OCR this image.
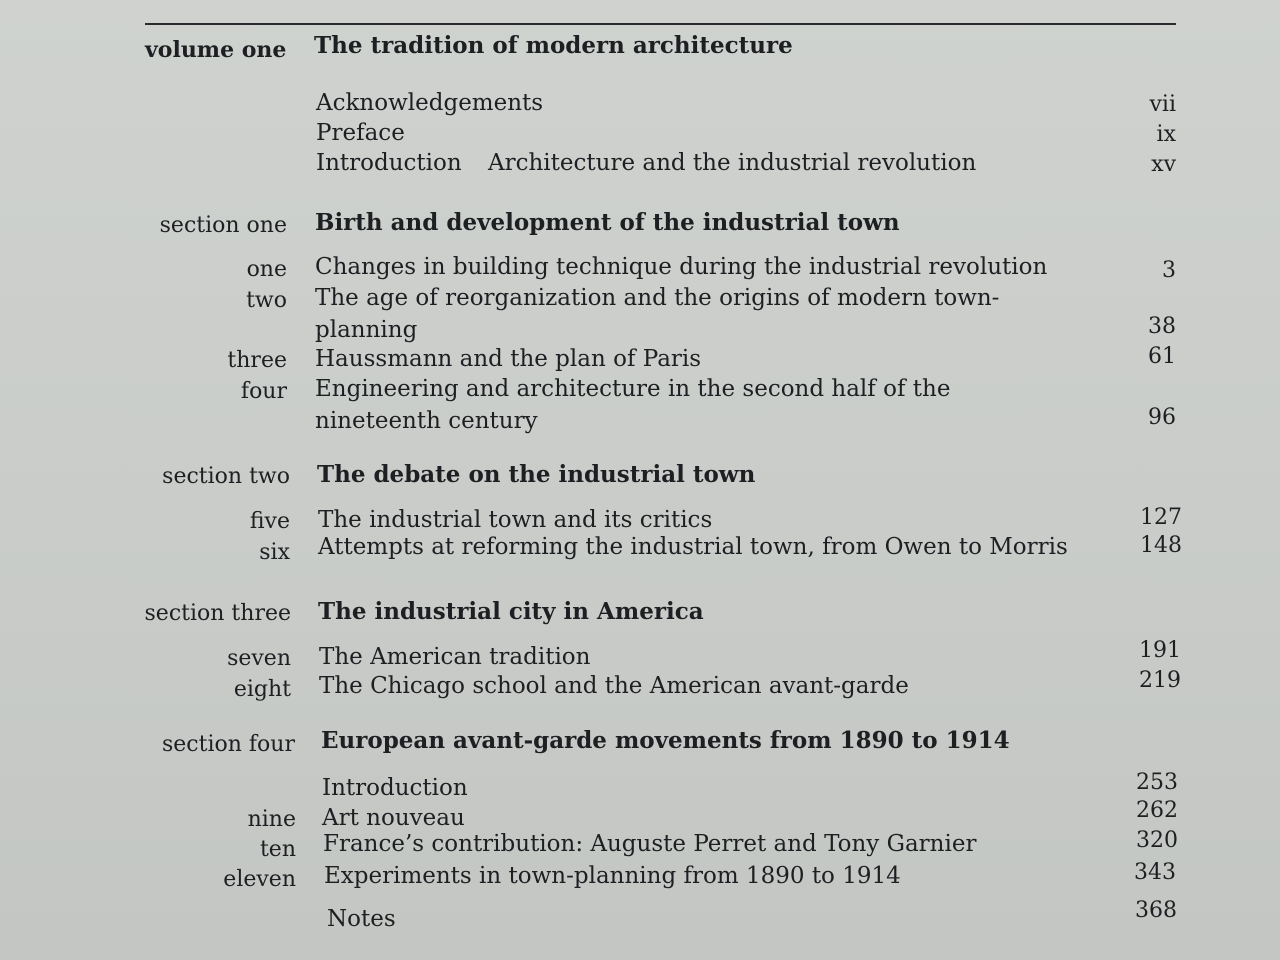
volume one The tradition of modern architecture
Acknowledgements	vii
Preface	ix
Introduction Architecture and the industrial revolution	xv
section one Birth and development of the industrial town
one Changes in building technique during the industrial revolution	3
two The age of reorganization and the origins of modern town-
planning	38
three Haussmann and the plan of Paris	61
four Engineering and architecture in the second half of the
nineteenth century	96
section two The debate on the industrial town
five The industrial town and its critics	127
six Attempts at reforming the industrial town, from Owen to Morris	148
section three The industrial city in America
seven The American tradition	191
eight The Chicago school and the American avant-garde	219
section four European avant-garde movements from 1890 to 1914
Introduction	253
nine Art nouveau	262
ten France’s contribution: Auguste Perret and Tony Garnier	320
eleven Experiments in town-planning from 1890 to 1914	343
Notes	368
